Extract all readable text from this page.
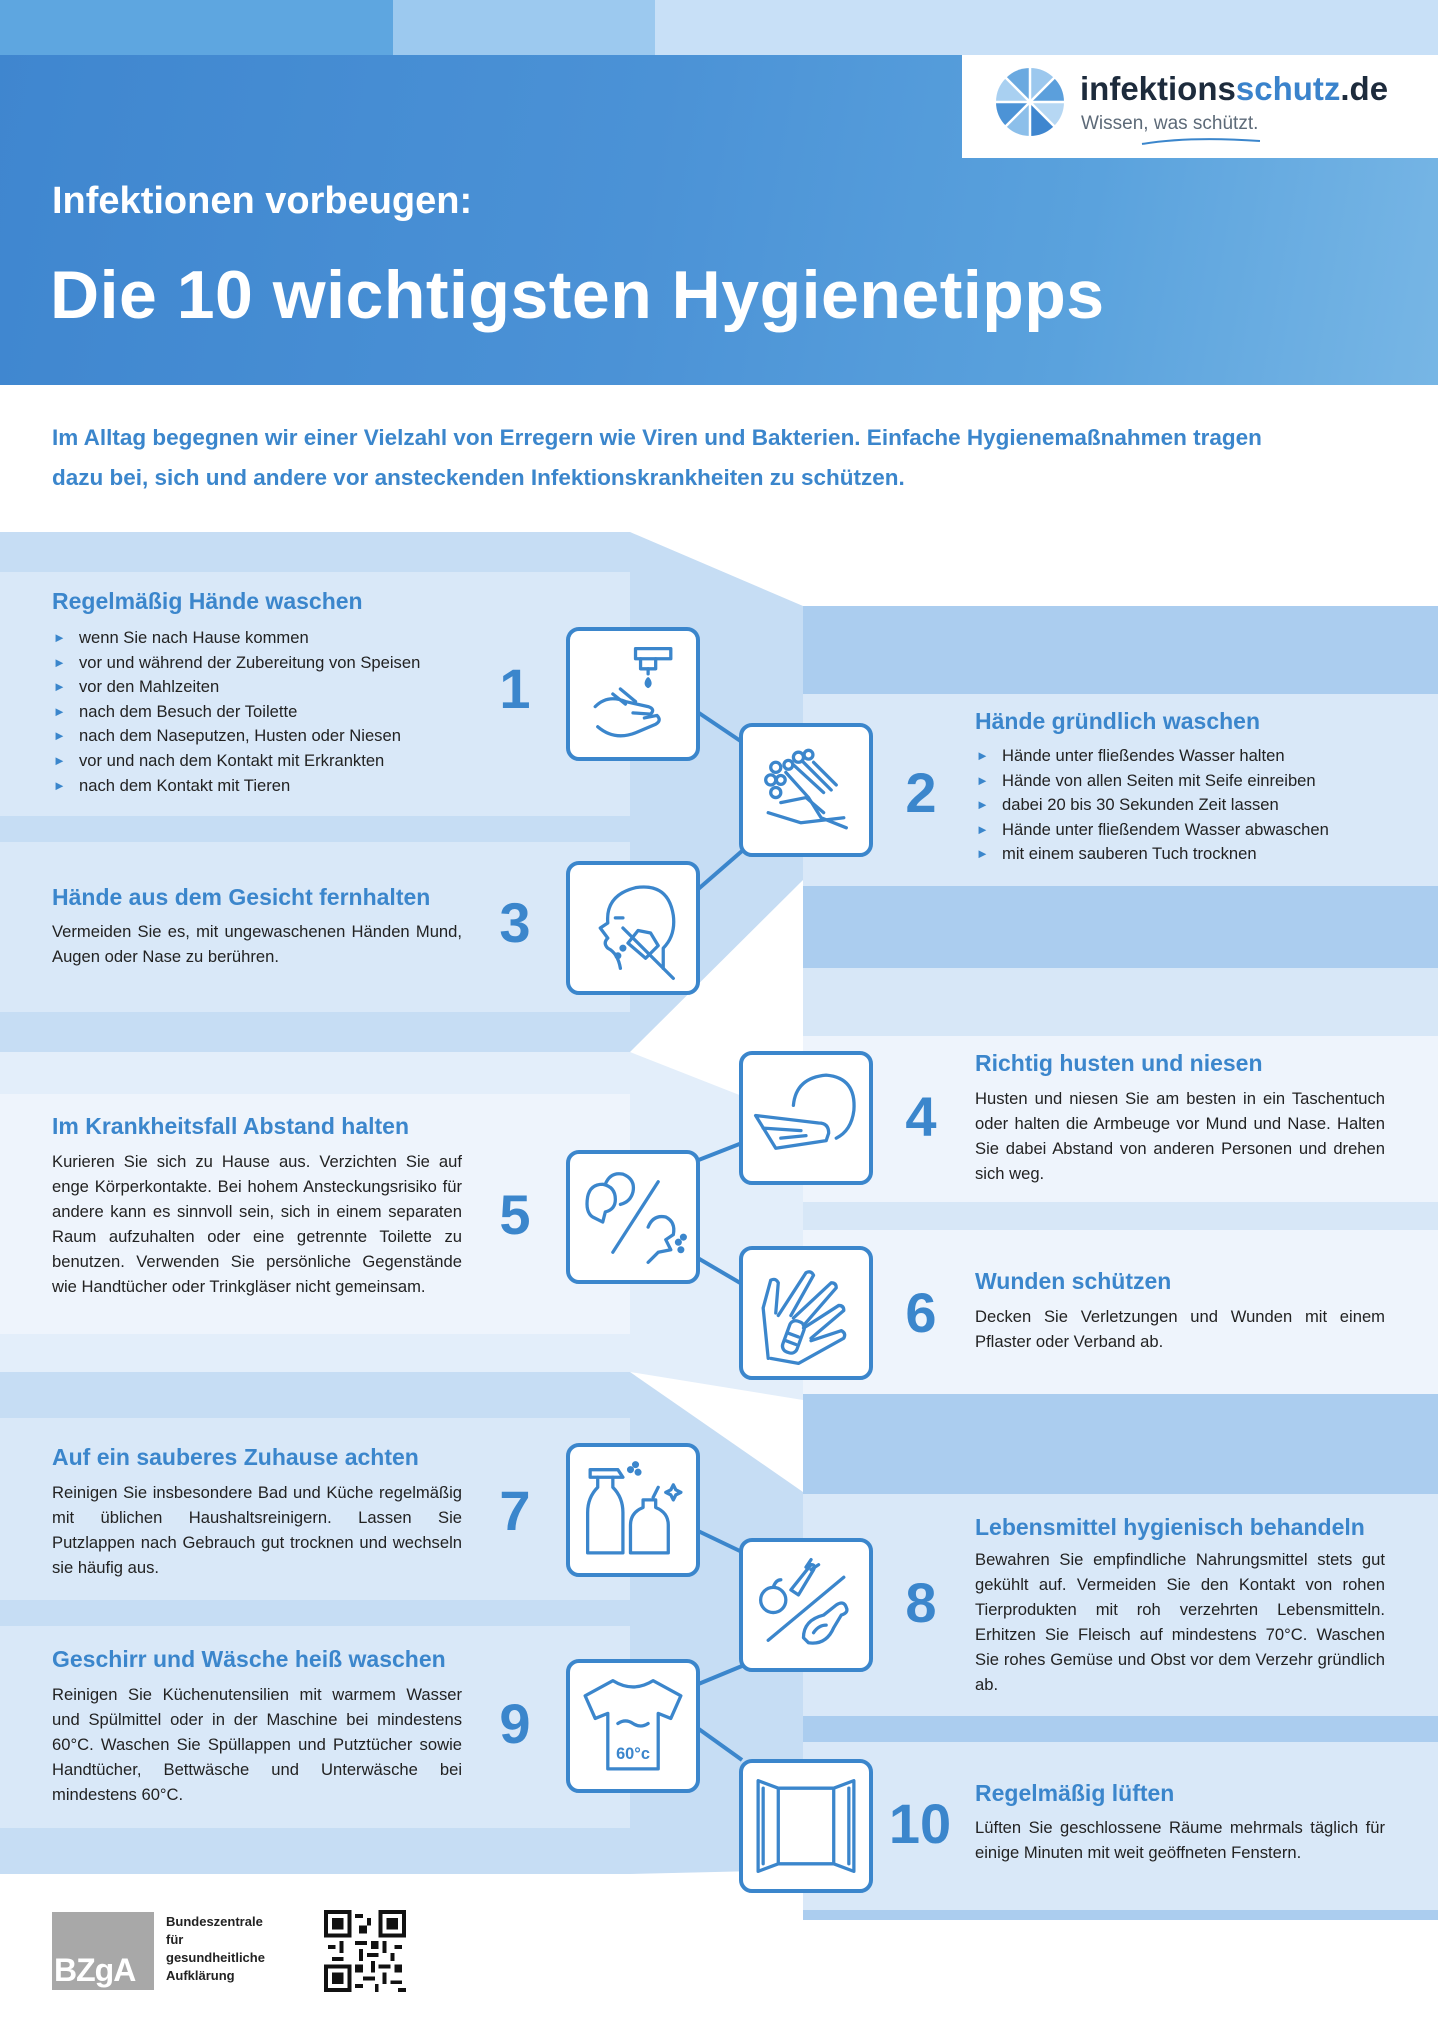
infektionsschutz.de
Wissen, was schützt.
Infektionen vorbeugen:
Die 10 wichtigsten Hygienetipps
Im Alltag begegnen wir einer Vielzahl von Erregern wie Viren und Bakterien. Einfache Hygienemaßnahmen tragen
dazu bei, sich und andere vor ansteckenden Infektionskrankheiten zu schützen.
Regelmäßig Hände waschen
► wenn Sie nach Hause kommen
► vor und während der Zubereitung von Speisen
► vor den Mahlzeiten
► nach dem Besuch der Toilette
► nach dem Naseputzen, Husten oder Niesen
► vor und nach dem Kontakt mit Erkrankten
► nach dem Kontakt mit Tieren
1
2
Hände gründlich waschen
► Hände unter fließendes Wasser halten
► Hände von allen Seiten mit Seife einreiben
► dabei 20 bis 30 Sekunden Zeit lassen
► Hände unter fließendem Wasser abwaschen
► mit einem sauberen Tuch trocknen
Hände aus dem Gesicht fernhalten
Vermeiden Sie es, mit ungewaschenen Händen Mund, Augen oder Nase zu berühren.
3
4
Richtig husten und niesen
Husten und niesen Sie am besten in ein Taschentuch oder halten die Armbeuge vor Mund und Nase. Halten Sie dabei Abstand von anderen Personen und drehen sich weg.
Im Krankheitsfall Abstand halten
Kurieren Sie sich zu Hause aus. Verzichten Sie auf enge Körperkontakte. Bei hohem Ansteckungsrisiko für andere kann es sinnvoll sein, sich in einem separaten Raum aufzuhalten oder eine getrennte Toilette zu benutzen. Verwenden Sie persönliche Gegenstände wie Handtücher oder Trinkgläser nicht gemeinsam.
5
6	Wunden schützen
Decken Sie Verletzungen und Wunden mit einem Pflaster oder Verband ab.
Auf ein sauberes Zuhause achten
Reinigen Sie insbesondere Bad und Küche regelmäßig mit üblichen Haushaltsreinigern. Lassen Sie Putzlappen nach Gebrauch gut trocknen und wechseln sie häufig aus.
7
8
Lebensmittel hygienisch behandeln
Bewahren Sie empfindliche Nahrungsmittel stets gut gekühlt auf. Vermeiden Sie den Kontakt von rohen Tierprodukten mit roh verzehrten Lebensmitteln. Erhitzen Sie Fleisch auf mindestens 70°C. Waschen Sie rohes Gemüse und Obst vor dem Verzehr gründlich ab.
Geschirr und Wäsche heiß waschen
Reinigen Sie Küchenutensilien mit warmem Wasser und Spülmittel oder in der Maschine bei mindestens 60°C. Waschen Sie Spüllappen und Putztücher sowie Handtücher, Bettwäsche und Unterwäsche bei mindestens 60°C.
9	60°c
10	Regelmäßig lüften
Lüften Sie geschlossene Räume mehrmals täglich für einige Minuten mit weit geöffneten Fenstern.
BZgA
Bundeszentrale
für
gesundheitliche
Aufklärung
